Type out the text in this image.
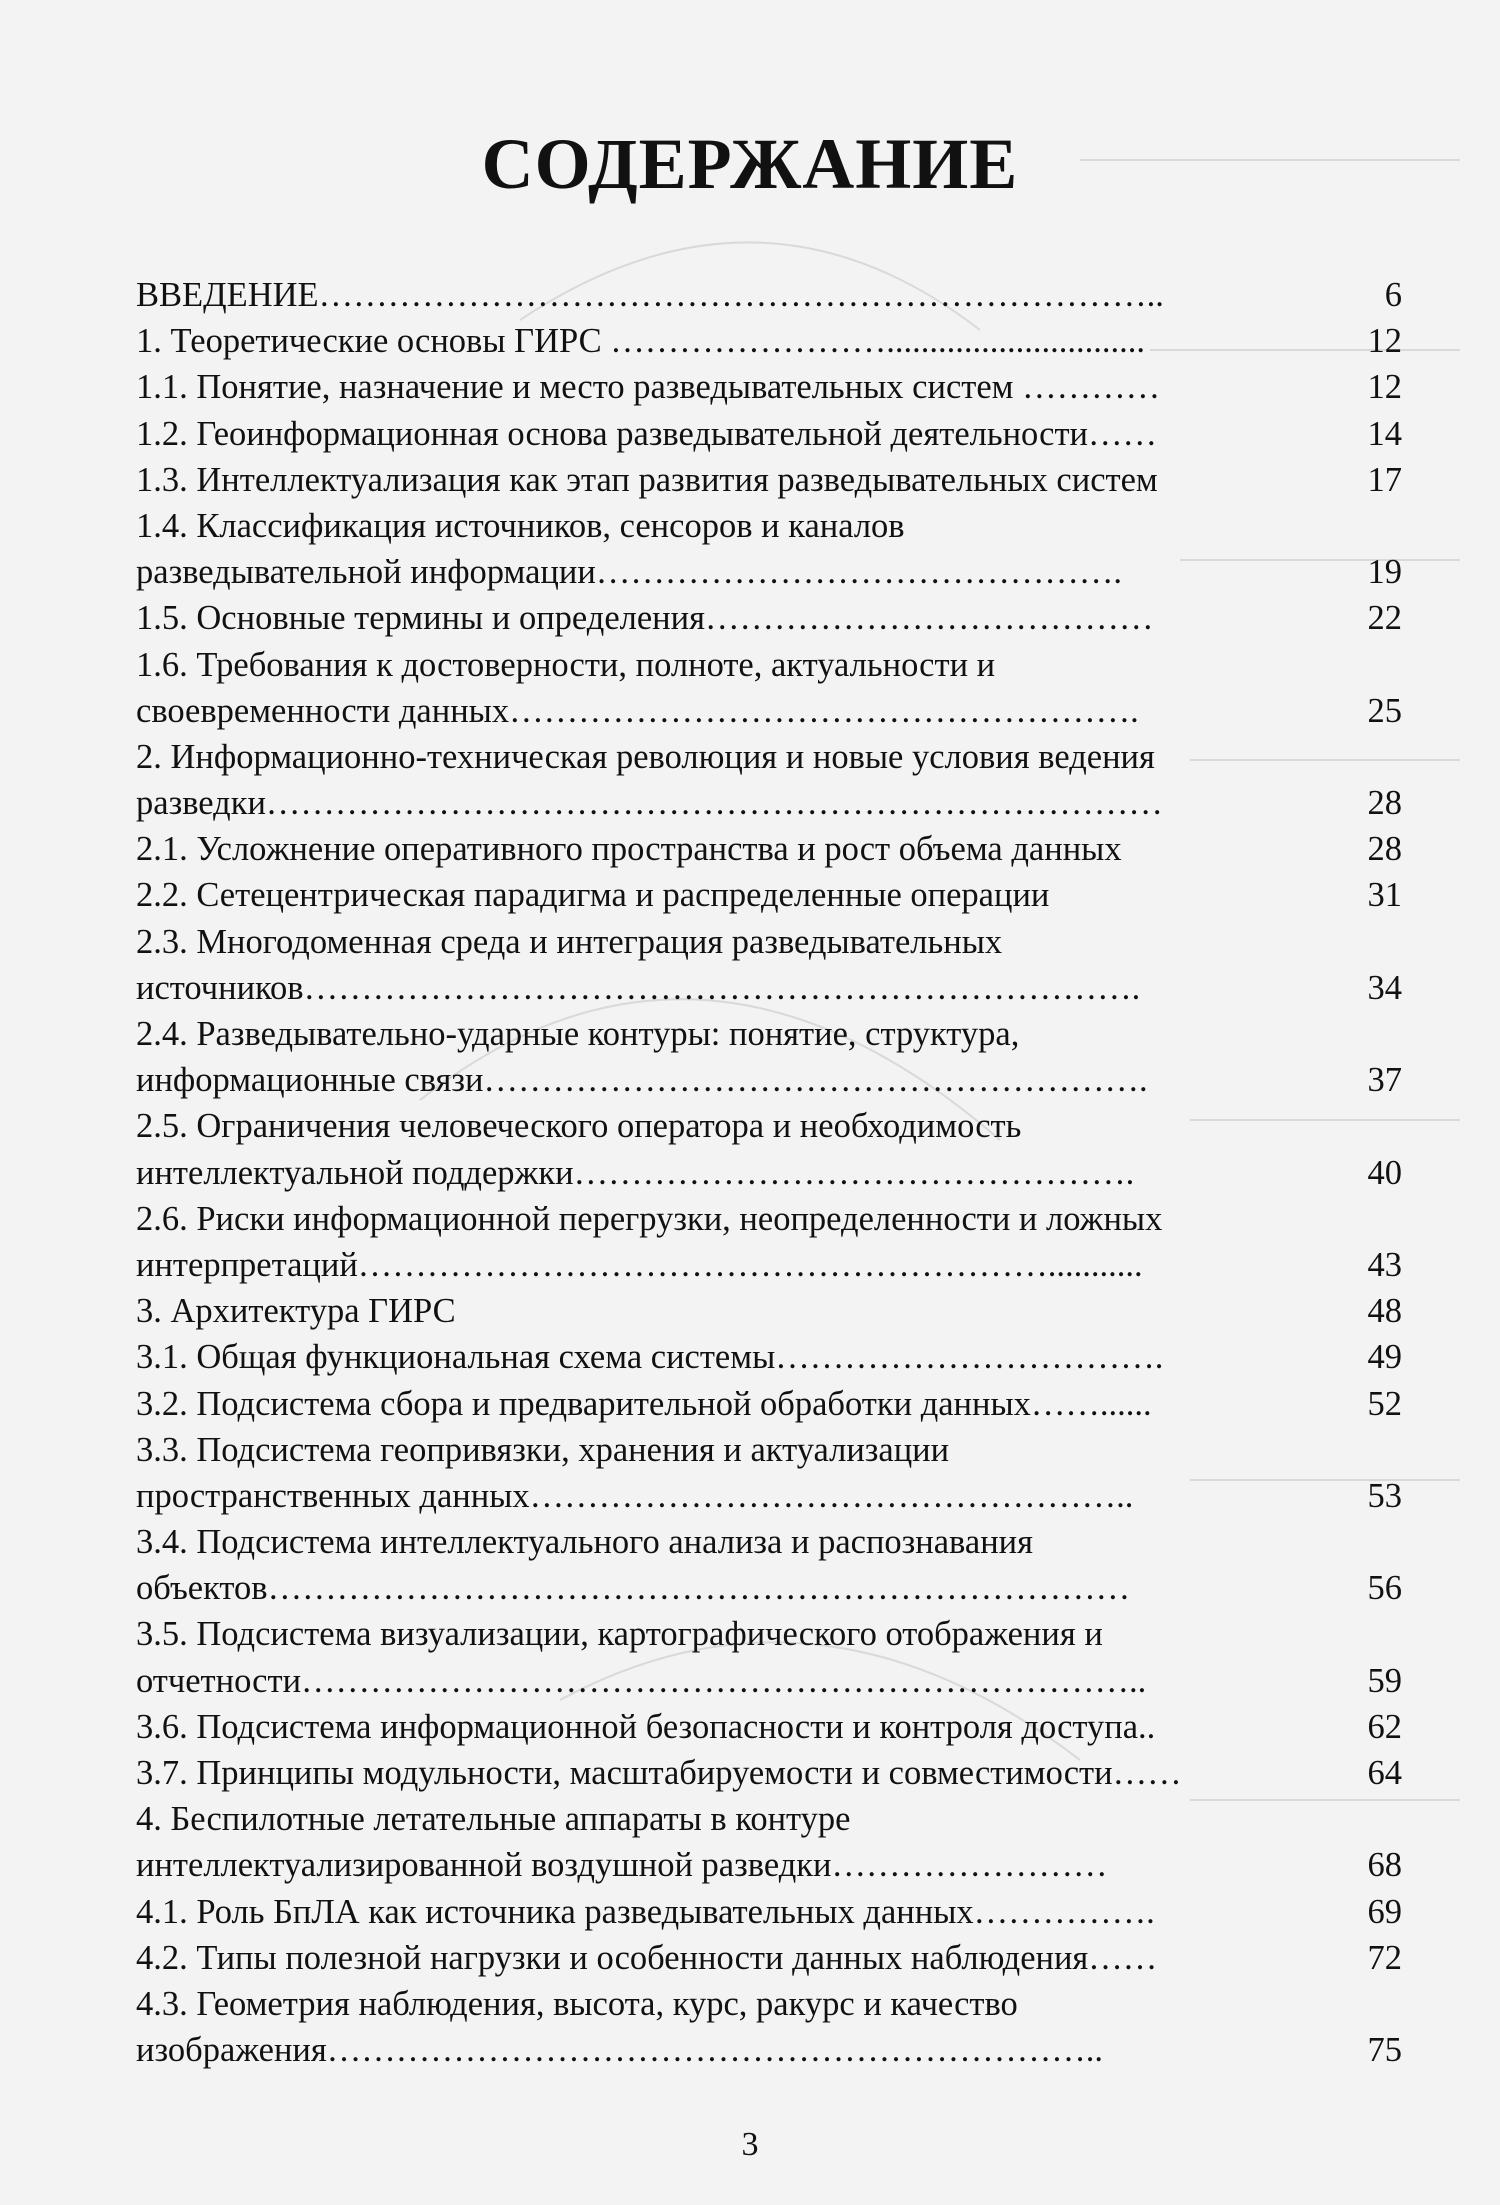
СОДЕРЖАНИЕ
ВВЕДЕНИЕ………………………………………………………………..	6
1. Теоретические основы ГИРС ……………………..............................	12
1.1. Понятие, назначение и место разведывательных систем …………	12
1.2. Геоинформационная основа разведывательной деятельности……	14
1.3. Интеллектуализация как этап развития разведывательных систем	17
1.4. Классификация источников, сенсоров и каналов
разведывательной информации……………………………………….	19
1.5. Основные термины и определения…………………………………	22
1.6. Требования к достоверности, полноте, актуальности и
своевременности данных……………………………………………….	25
2. Информационно-техническая революция и новые условия ведения
разведки……………………………………………………………………	28
2.1. Усложнение оперативного пространства и рост объема данных	28
2.2. Сетецентрическая парадигма и распределенные операции	31
2.3. Многодоменная среда и интеграция разведывательных
источников……………………………………………………………….	34
2.4. Разведывательно-ударные контуры: понятие, структура,
информационные связи………………………………………………….	37
2.5. Ограничения человеческого оператора и необходимость
интеллектуальной поддержки………………………………………….	40
2.6. Риски информационной перегрузки, неопределенности и ложных
интерпретаций……………………………………………………...........	43
3. Архитектура ГИРС	48
3.1. Общая функциональная схема системы…………………………….	49
3.2. Подсистема сбора и предварительной обработки данных……......	52
3.3. Подсистема геопривязки, хранения и актуализации
пространственных данных……………………………………………..	53
3.4. Подсистема интеллектуального анализа и распознавания
объектов…………………………………………………………………	56
3.5. Подсистема визуализации, картографического отображения и
отчетности………………………………………………………………..	59
3.6. Подсистема информационной безопасности и контроля доступа..	62
3.7. Принципы модульности, масштабируемости и совместимости……	64
4. Беспилотные летательные аппараты в контуре
интеллектуализированной воздушной разведки……………………	68
4.1. Роль БпЛА как источника разведывательных данных…………….	69
4.2. Типы полезной нагрузки и особенности данных наблюдения……	72
4.3. Геометрия наблюдения, высота, курс, ракурс и качество
изображения…………………………………………………………..	75
3
